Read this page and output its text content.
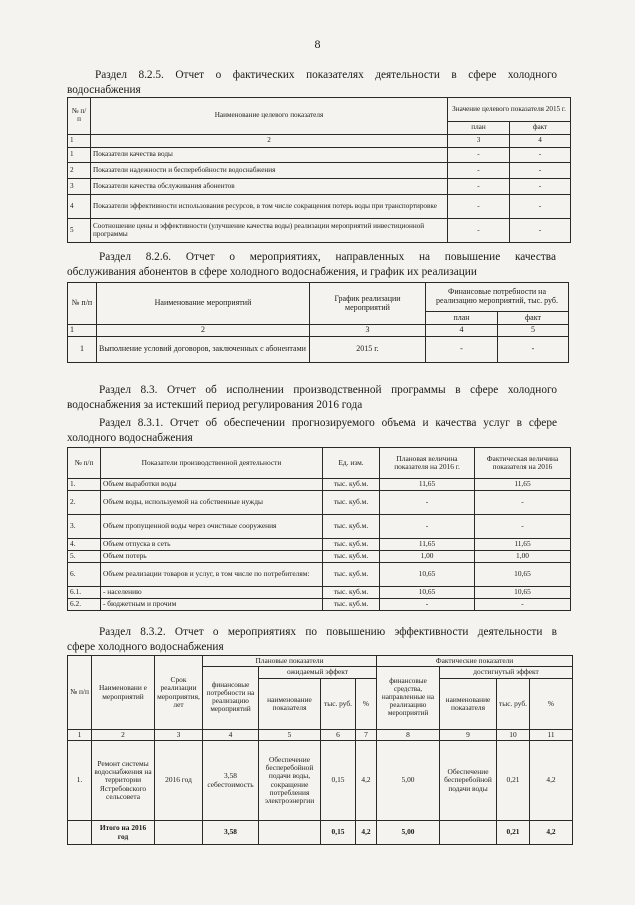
8
Раздел 8.2.5. Отчет о фактических показателях деятельности в сфере холодного
водоснабжения
№ п/п	Наименование целевого показателя	Значение целевого показателя 2015 г.	
		план	факт
1	2	3	4
1	Показатели качества воды	-	-
2	Показатели надежности и бесперебойности водоснабжения	-	-
3	Показатели качества обслуживания абонентов	-	-
4	Показатели эффективности использования ресурсов, в том числе сокращения потерь воды при транспортировке	-	-
5	Соотношение цены и эффективности (улучшение качества воды) реализации мероприятий инвестиционной программы	-	-
Раздел 8.2.6. Отчет о мероприятиях, направленных на повышение качества
обслуживания абонентов в сфере холодного водоснабжения, и график их реализации
№ п/п	Наименование мероприятий	График реализации мероприятий	Финансовые потребности на реализацию мероприятий, тыс. руб.	
			план	факт
1	2	3	4	5
1	Выполнение условий договоров, заключенных с абонентами	2015 г.	-	-
Раздел 8.3. Отчет об исполнении производственной программы в сфере холодного
водоснабжения за истекший период регулирования 2016 года
Раздел 8.3.1. Отчет об обеспечении прогнозируемого объема и качества услуг в сфере
холодного водоснабжения
№ п/п	Показатели производственной деятельности	Ед. изм.	Плановая величина показателя на 2016 г.	Фактическая величина показателя на 2016
1.	Объем выработки воды	тыс. куб.м.	11,65	11,65
2.	Объем воды, используемой на собственные нужды	тыс. куб.м.	-	-
3.	Объем пропущенной воды через очистные сооружения	тыс. куб.м.	-	-
4.	Объем отпуска в сеть	тыс. куб.м.	11,65	11,65
5.	Объем потерь	тыс. куб.м.	1,00	1,00
6.	Объем реализации товаров и услуг, в том числе по потребителям:	тыс. куб.м.	10,65	10,65
6.1.	- населению	тыс. куб.м.	10,65	10,65
6.2.	- бюджетным и прочим	тыс. куб.м.	-	-
Раздел 8.3.2. Отчет о мероприятиях по повышению эффективности деятельности в
сфере холодного водоснабжения
№ п/п	Наименовани е мероприятий	Срок реализации мероприятия, лет	Плановые показатели				Фактические показатели			
			финансовые потребности на реализацию мероприятий	ожидаемый эффект			финансовые средства, направленные на реализацию мероприятий	достигнутый эффект		
				наименование показателя	тыс. руб.	%		наименование показателя	тыс. руб.	%
1	2	3	4	5	6	7	8	9	10	11
1.	Ремонт системы водоснабжения на территории Ястребовского сельсовета	2016 год	3,58 себестоимость	Обеспечение бесперебойной подачи воды, сокращение потребления электроэнергии	0,15	4,2	5,00	Обеспечение бесперебойной подачи воды	0,21	4,2
	Итого на 2016 год		3,58		0,15	4,2	5,00		0,21	4,2
